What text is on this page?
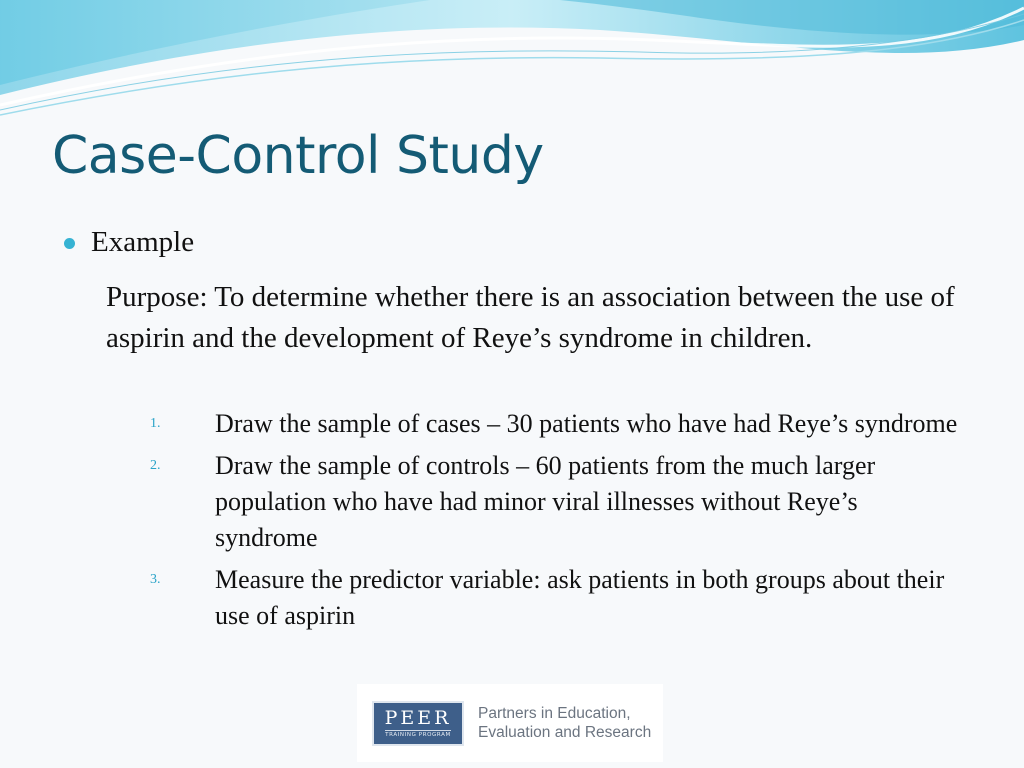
Case-Control Study
Example
Purpose: To determine whether there is an association between the use of aspirin and the development of Reye’s syndrome in children.
1.	Draw the sample of cases – 30 patients who have had Reye’s syndrome
2.	Draw the sample of controls – 60 patients from the much larger population who have had minor viral illnesses without Reye’s syndrome
3.	Measure the predictor variable: ask patients in both groups about their use of aspirin
PEER
TRAINING PROGRAM
Partners in Education,
Evaluation and Research
